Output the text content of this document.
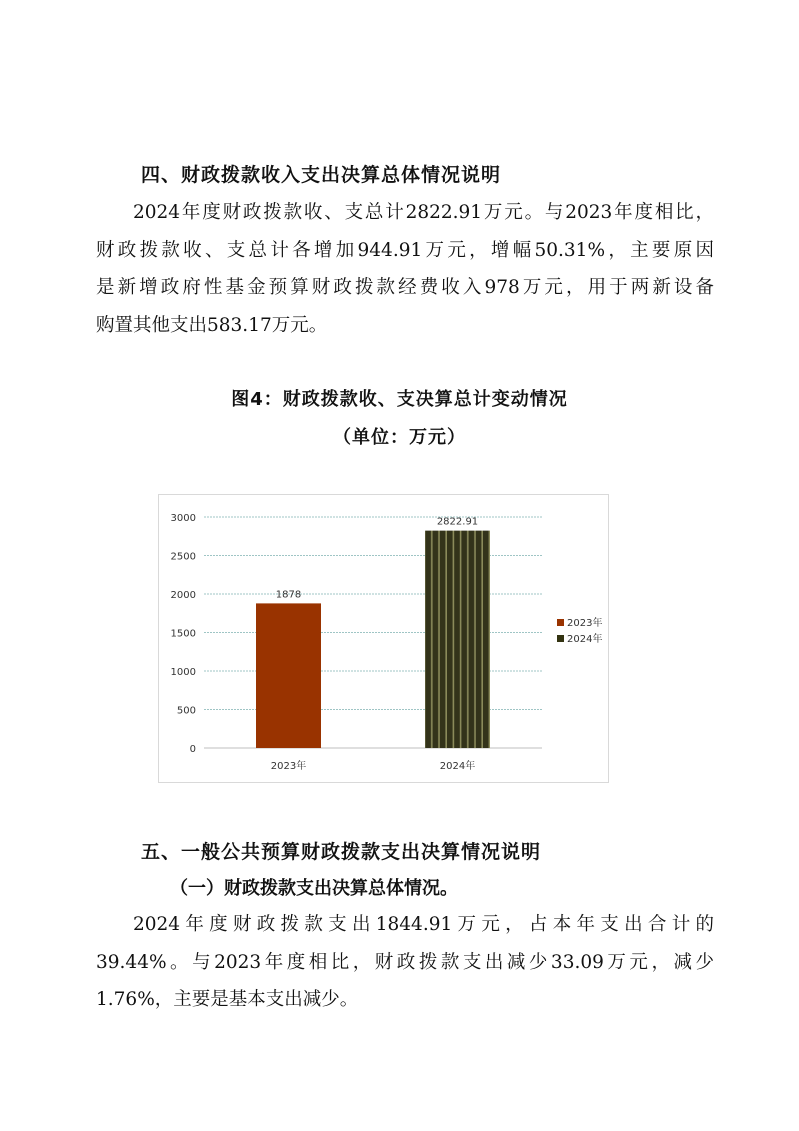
四、财政拨款收入支出决算总体情况说明
2024年度财政拨款收、支总计2822.91万元。与2023年度相比，
财政拨款收、支总计各增加944.91万元，增幅50.31%，主要原因
是新增政府性基金预算财政拨款经费收入978万元，用于两新设备
购置其他支出583.17万元。
图4：财政拨款收、支决算总计变动情况
（单位：万元）
0
500
1000
1500
2000
2500
3000
1878
2023年
2822.91
2024年
2023年
2024年
五、一般公共预算财政拨款支出决算情况说明
（一）财政拨款支出决算总体情况。
2024年度财政拨款支出1844.91万元，占本年支出合计的
39.44%。与2023年度相比，财政拨款支出减少33.09万元，减少
1.76%，主要是基本支出减少。
